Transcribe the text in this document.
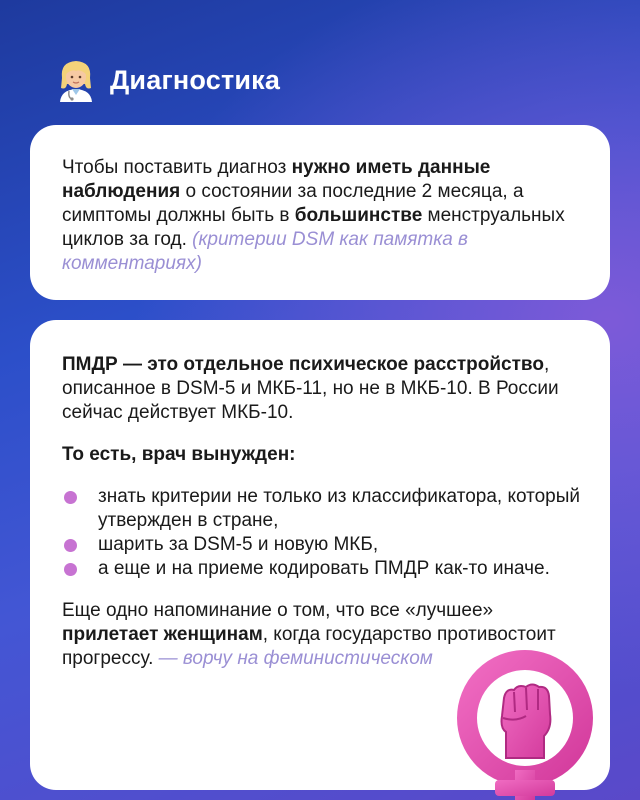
Диагностика

Чтобы поставить диагноз нужно иметь данные наблюдения о состоянии за последние 2 месяца, а симптомы должны быть в большинстве менструальных циклов за год. (критерии DSM как памятка в комментариях)

ПМДР — это отдельное психическое расстройство, описанное в DSM-5 и МКБ-11, но не в МКБ-10. В России сейчас действует МКБ-10.

То есть, врач вынужден:

знать критерии не только из классификатора, который утвержден в стране,
шарить за DSM-5 и новую МКБ,
а еще и на приеме кодировать ПМДР как-то иначе.

Еще одно напоминание о том, что все «лучшее» прилетает женщинам, когда государство противостоит прогрессу. — ворчу на феминистическом
